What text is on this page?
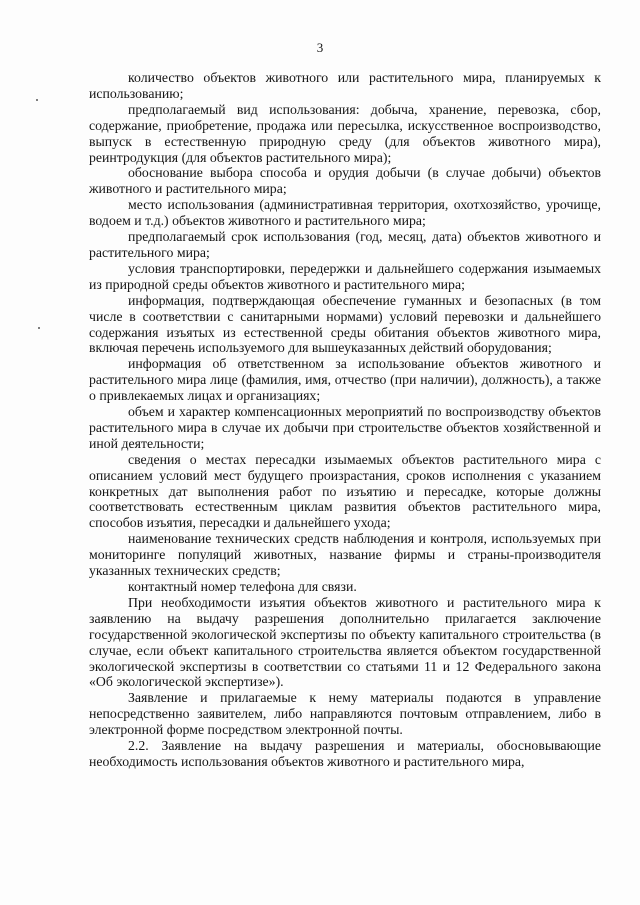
3

количество объектов животного или растительного мира, планируемых к использованию;

предполагаемый вид использования: добыча, хранение, перевозка, сбор, содержание, приобретение, продажа или пересылка, искусственное воспроизводство, выпуск в естественную природную среду (для объектов животного мира), реинтродукция (для объектов растительного мира);

обоснование выбора способа и орудия добычи (в случае добычи) объектов животного и растительного мира;

место использования (административная территория, охотхозяйство, урочище, водоем и т.д.) объектов животного и растительного мира;

предполагаемый срок использования (год, месяц, дата) объектов животного и растительного мира;

условия транспортировки, передержки и дальнейшего содержания изымаемых из природной среды объектов животного и растительного мира;

информация, подтверждающая обеспечение гуманных и безопасных (в том числе в соответствии с санитарными нормами) условий перевозки и дальнейшего содержания изъятых из естественной среды обитания объектов животного мира, включая перечень используемого для вышеуказанных действий оборудования;

информация об ответственном за использование объектов животного и растительного мира лице (фамилия, имя, отчество (при наличии), должность), а также о привлекаемых лицах и организациях;

объем и характер компенсационных мероприятий по воспроизводству объектов растительного мира в случае их добычи при строительстве объектов хозяйственной и иной деятельности;

сведения о местах пересадки изымаемых объектов растительного мира с описанием условий мест будущего произрастания, сроков исполнения с указанием конкретных дат выполнения работ по изъятию и пересадке, которые должны соответствовать естественным циклам развития объектов растительного мира, способов изъятия, пересадки и дальнейшего ухода;

наименование технических средств наблюдения и контроля, используемых при мониторинге популяций животных, название фирмы и страны-производителя указанных технических средств;

контактный номер телефона для связи.

При необходимости изъятия объектов животного и растительного мира к заявлению на выдачу разрешения дополнительно прилагается заключение государственной экологической экспертизы по объекту капитального строительства (в случае, если объект капитального строительства является объектом государственной экологической экспертизы в соответствии со статьями 11 и 12 Федерального закона «Об экологической экспертизе»).

Заявление и прилагаемые к нему материалы подаются в управление непосредственно заявителем, либо направляются почтовым отправлением, либо в электронной форме посредством электронной почты.

2.2. Заявление на выдачу разрешения и материалы, обосновывающие необходимость использования объектов животного и растительного мира,
